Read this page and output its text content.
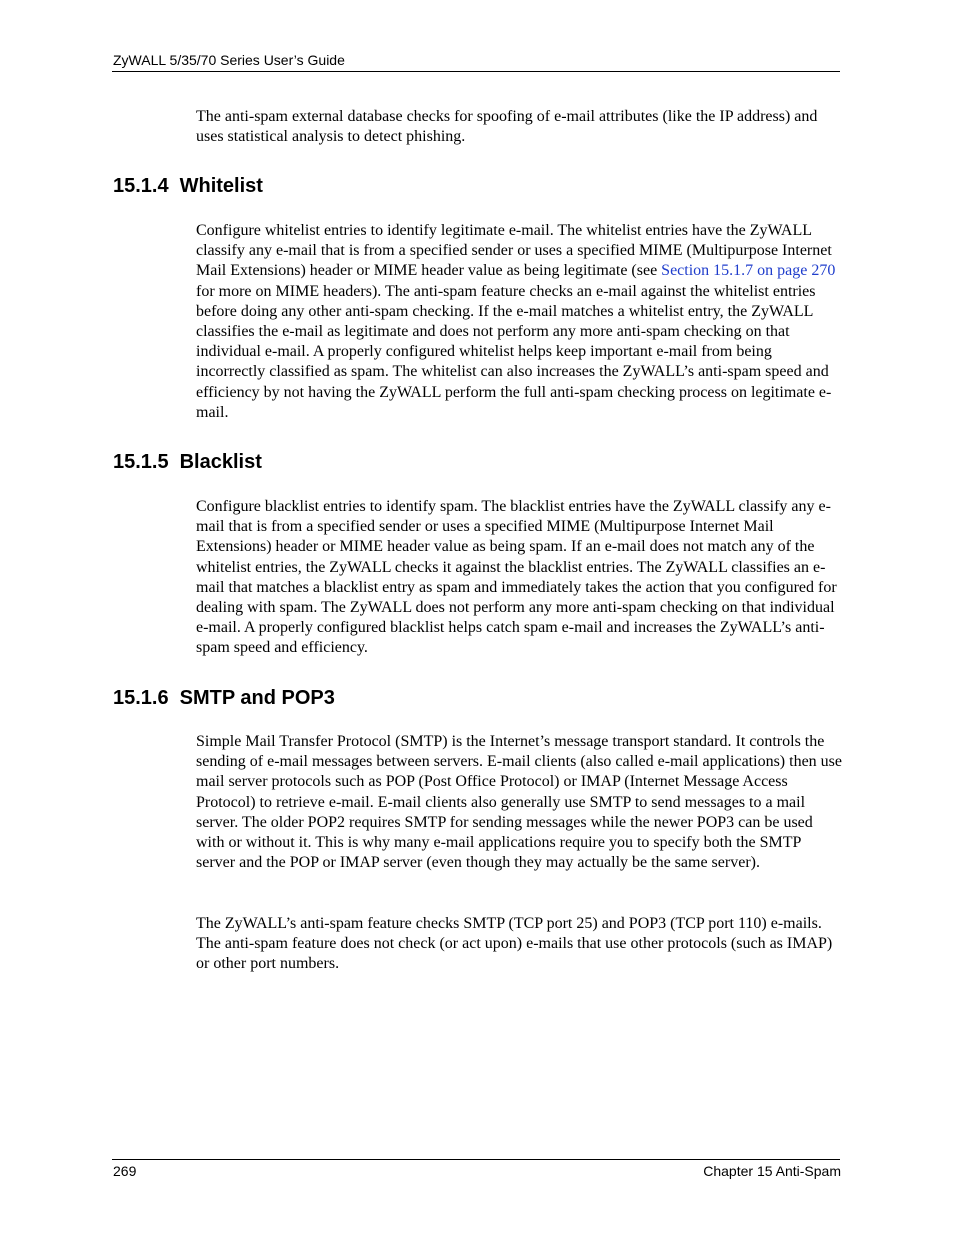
ZyWALL 5/35/70 Series User’s Guide

The anti-spam external database checks for spoofing of e-mail attributes (like the IP address) and uses statistical analysis to detect phishing.

15.1.4 Whitelist

Configure whitelist entries to identify legitimate e-mail. The whitelist entries have the ZyWALL classify any e-mail that is from a specified sender or uses a specified MIME (Multipurpose Internet Mail Extensions) header or MIME header value as being legitimate (see Section 15.1.7 on page 270 for more on MIME headers). The anti-spam feature checks an e-mail against the whitelist entries before doing any other anti-spam checking. If the e-mail matches a whitelist entry, the ZyWALL classifies the e-mail as legitimate and does not perform any more anti-spam checking on that individual e-mail. A properly configured whitelist helps keep important e-mail from being incorrectly classified as spam. The whitelist can also increases the ZyWALL’s anti-spam speed and efficiency by not having the ZyWALL perform the full anti-spam checking process on legitimate e-mail.

15.1.5 Blacklist

Configure blacklist entries to identify spam. The blacklist entries have the ZyWALL classify any e-mail that is from a specified sender or uses a specified MIME (Multipurpose Internet Mail Extensions) header or MIME header value as being spam. If an e-mail does not match any of the whitelist entries, the ZyWALL checks it against the blacklist entries. The ZyWALL classifies an e-mail that matches a blacklist entry as spam and immediately takes the action that you configured for dealing with spam. The ZyWALL does not perform any more anti-spam checking on that individual e-mail. A properly configured blacklist helps catch spam e-mail and increases the ZyWALL’s anti-spam speed and efficiency.

15.1.6 SMTP and POP3

Simple Mail Transfer Protocol (SMTP) is the Internet’s message transport standard. It controls the sending of e-mail messages between servers. E-mail clients (also called e-mail applications) then use mail server protocols such as POP (Post Office Protocol) or IMAP (Internet Message Access Protocol) to retrieve e-mail. E-mail clients also generally use SMTP to send messages to a mail server. The older POP2 requires SMTP for sending messages while the newer POP3 can be used with or without it. This is why many e-mail applications require you to specify both the SMTP server and the POP or IMAP server (even though they may actually be the same server).

The ZyWALL’s anti-spam feature checks SMTP (TCP port 25) and POP3 (TCP port 110) e-mails. The anti-spam feature does not check (or act upon) e-mails that use other protocols (such as IMAP) or other port numbers.

269	Chapter 15 Anti-Spam
